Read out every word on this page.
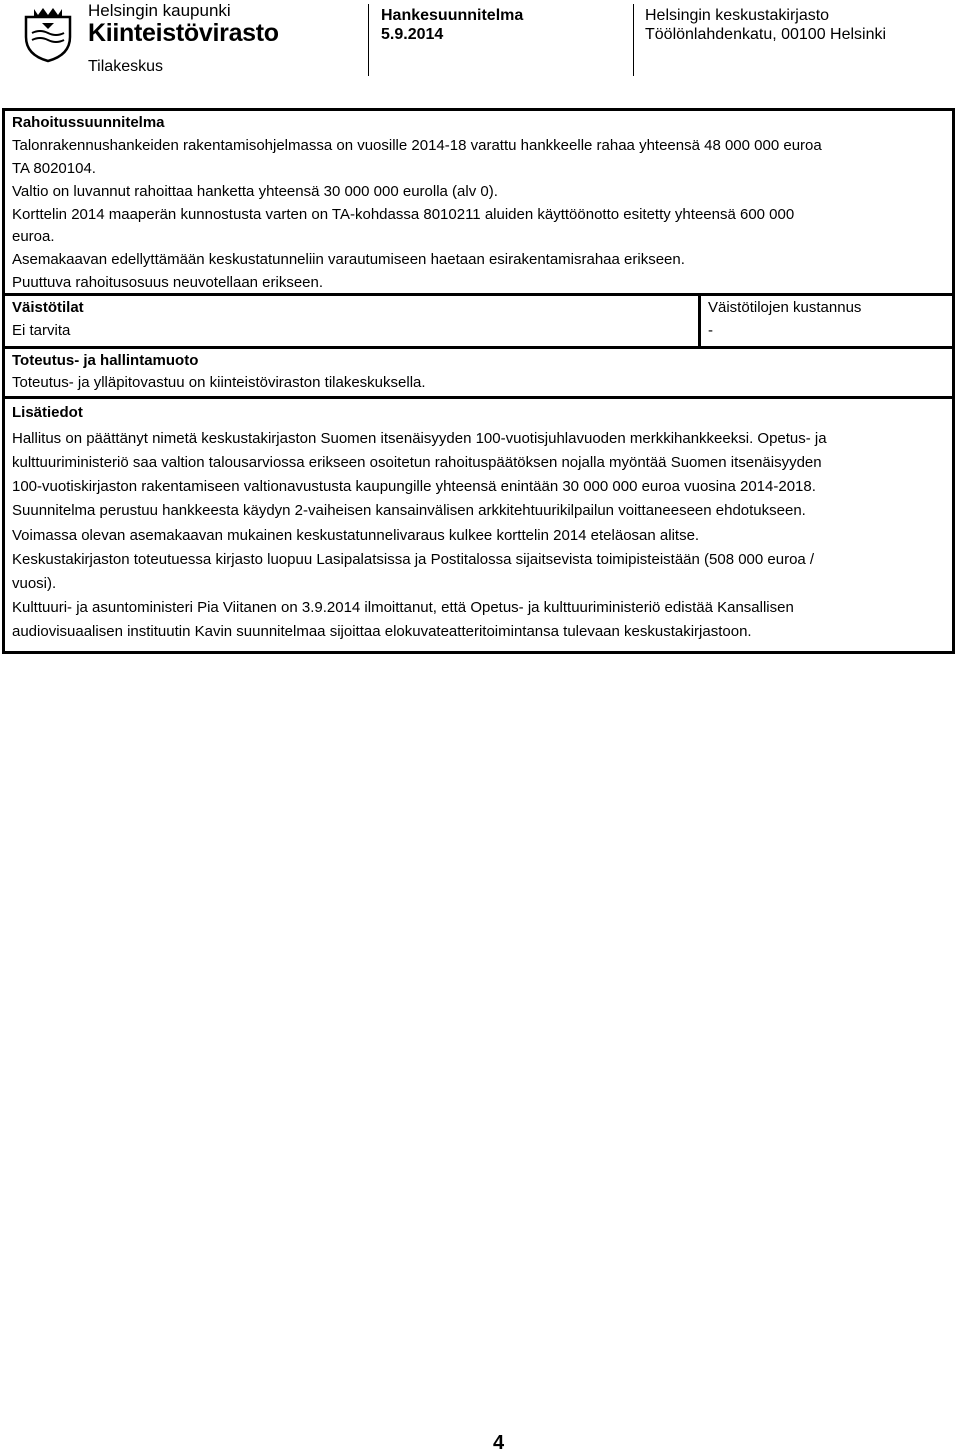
Helsingin kaupunki
Kiinteistövirasto
Tilakeskus
Hankesuunnitelma
5.9.2014
Helsingin keskustakirjasto
Töölönlahdenkatu, 00100 Helsinki
Rahoitussuunnitelma
Talonrakennushankeiden rakentamisohjelmassa on vuosille 2014-18 varattu hankkeelle rahaa yhteensä 48 000 000 euroa
TA 8020104.
Valtio on luvannut rahoittaa hanketta yhteensä 30 000 000 eurolla (alv 0).
Korttelin 2014 maaperän kunnostusta varten on TA-kohdassa 8010211 aluiden käyttöönotto esitetty yhteensä 600 000
euroa.
Asemakaavan edellyttämään keskustatunneliin varautumiseen haetaan esirakentamisrahaa erikseen.
Puuttuva rahoitusosuus neuvotellaan erikseen.
Väistötilat
Ei tarvita
Väistötilojen kustannus
-
Toteutus- ja hallintamuoto
Toteutus- ja ylläpitovastuu on kiinteistöviraston tilakeskuksella.
Lisätiedot
Hallitus on päättänyt nimetä keskustakirjaston Suomen itsenäisyyden 100-vuotisjuhlavuoden merkkihankkeeksi. Opetus- ja
kulttuuriministeriö saa valtion talousarviossa erikseen osoitetun rahoituspäätöksen nojalla myöntää Suomen itsenäisyyden
100-vuotiskirjaston rakentamiseen valtionavustusta kaupungille yhteensä enintään 30 000 000 euroa vuosina 2014-2018.
Suunnitelma perustuu hankkeesta käydyn 2-vaiheisen kansainvälisen arkkitehtuurikilpailun voittaneeseen ehdotukseen.
Voimassa olevan asemakaavan mukainen keskustatunnelivaraus kulkee korttelin 2014 eteläosan alitse.
Keskustakirjaston toteutuessa kirjasto luopuu Lasipalatsissa ja Postitalossa sijaitsevista toimipisteistään (508 000 euroa /
vuosi).
Kulttuuri- ja asuntoministeri Pia Viitanen on 3.9.2014 ilmoittanut, että Opetus- ja kulttuuriministeriö edistää Kansallisen
audiovisuaalisen instituutin Kavin suunnitelmaa sijoittaa elokuvateatteritoimintansa tulevaan keskustakirjastoon.
4
